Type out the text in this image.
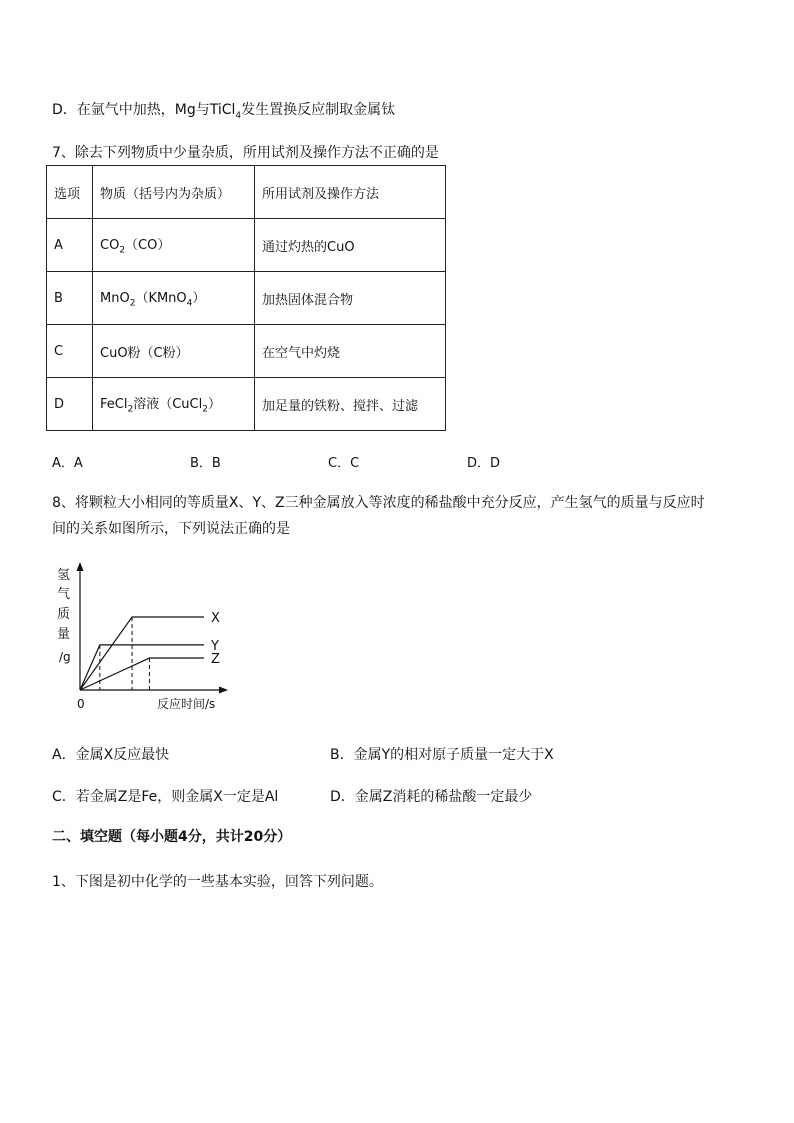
D．在氩气中加热，Mg与TiCl$_4$发生置换反应制取金属钛
7、除去下列物质中少量杂质，所用试剂及操作方法不正确的是
选项	物质（括号内为杂质）	所用试剂及操作方法
A	$CO_2(CO)$	通过灼热的CuO
B	MnO$_2$（KMnO$_4$）	加热固体混合物
C	CuO粉（C粉）	在空气中灼烧
D	FeCl$_2$溶液（CuCl$_2$）	加足量的铁粉、搅拌、过滤
A．A	B．B	C．C	D．D
8、将颗粒大小相同的等质量X、Y、Z三种金属放入等浓度的稀盐酸中充分反应，产生氢气的质量与反应时
间的关系如图所示，下列说法正确的是
氢
气
质
量
/g
0	反应时间/s
X
Y
Z
A．金属X反应最快	B．金属Y的相对原子质量一定大于X
C．若金属Z是Fe，则金属X一定是Al	D．金属Z消耗的稀盐酸一定最少
二、填空题（每小题4分，共计20分）
1、下图是初中化学的一些基本实验，回答下列问题。
